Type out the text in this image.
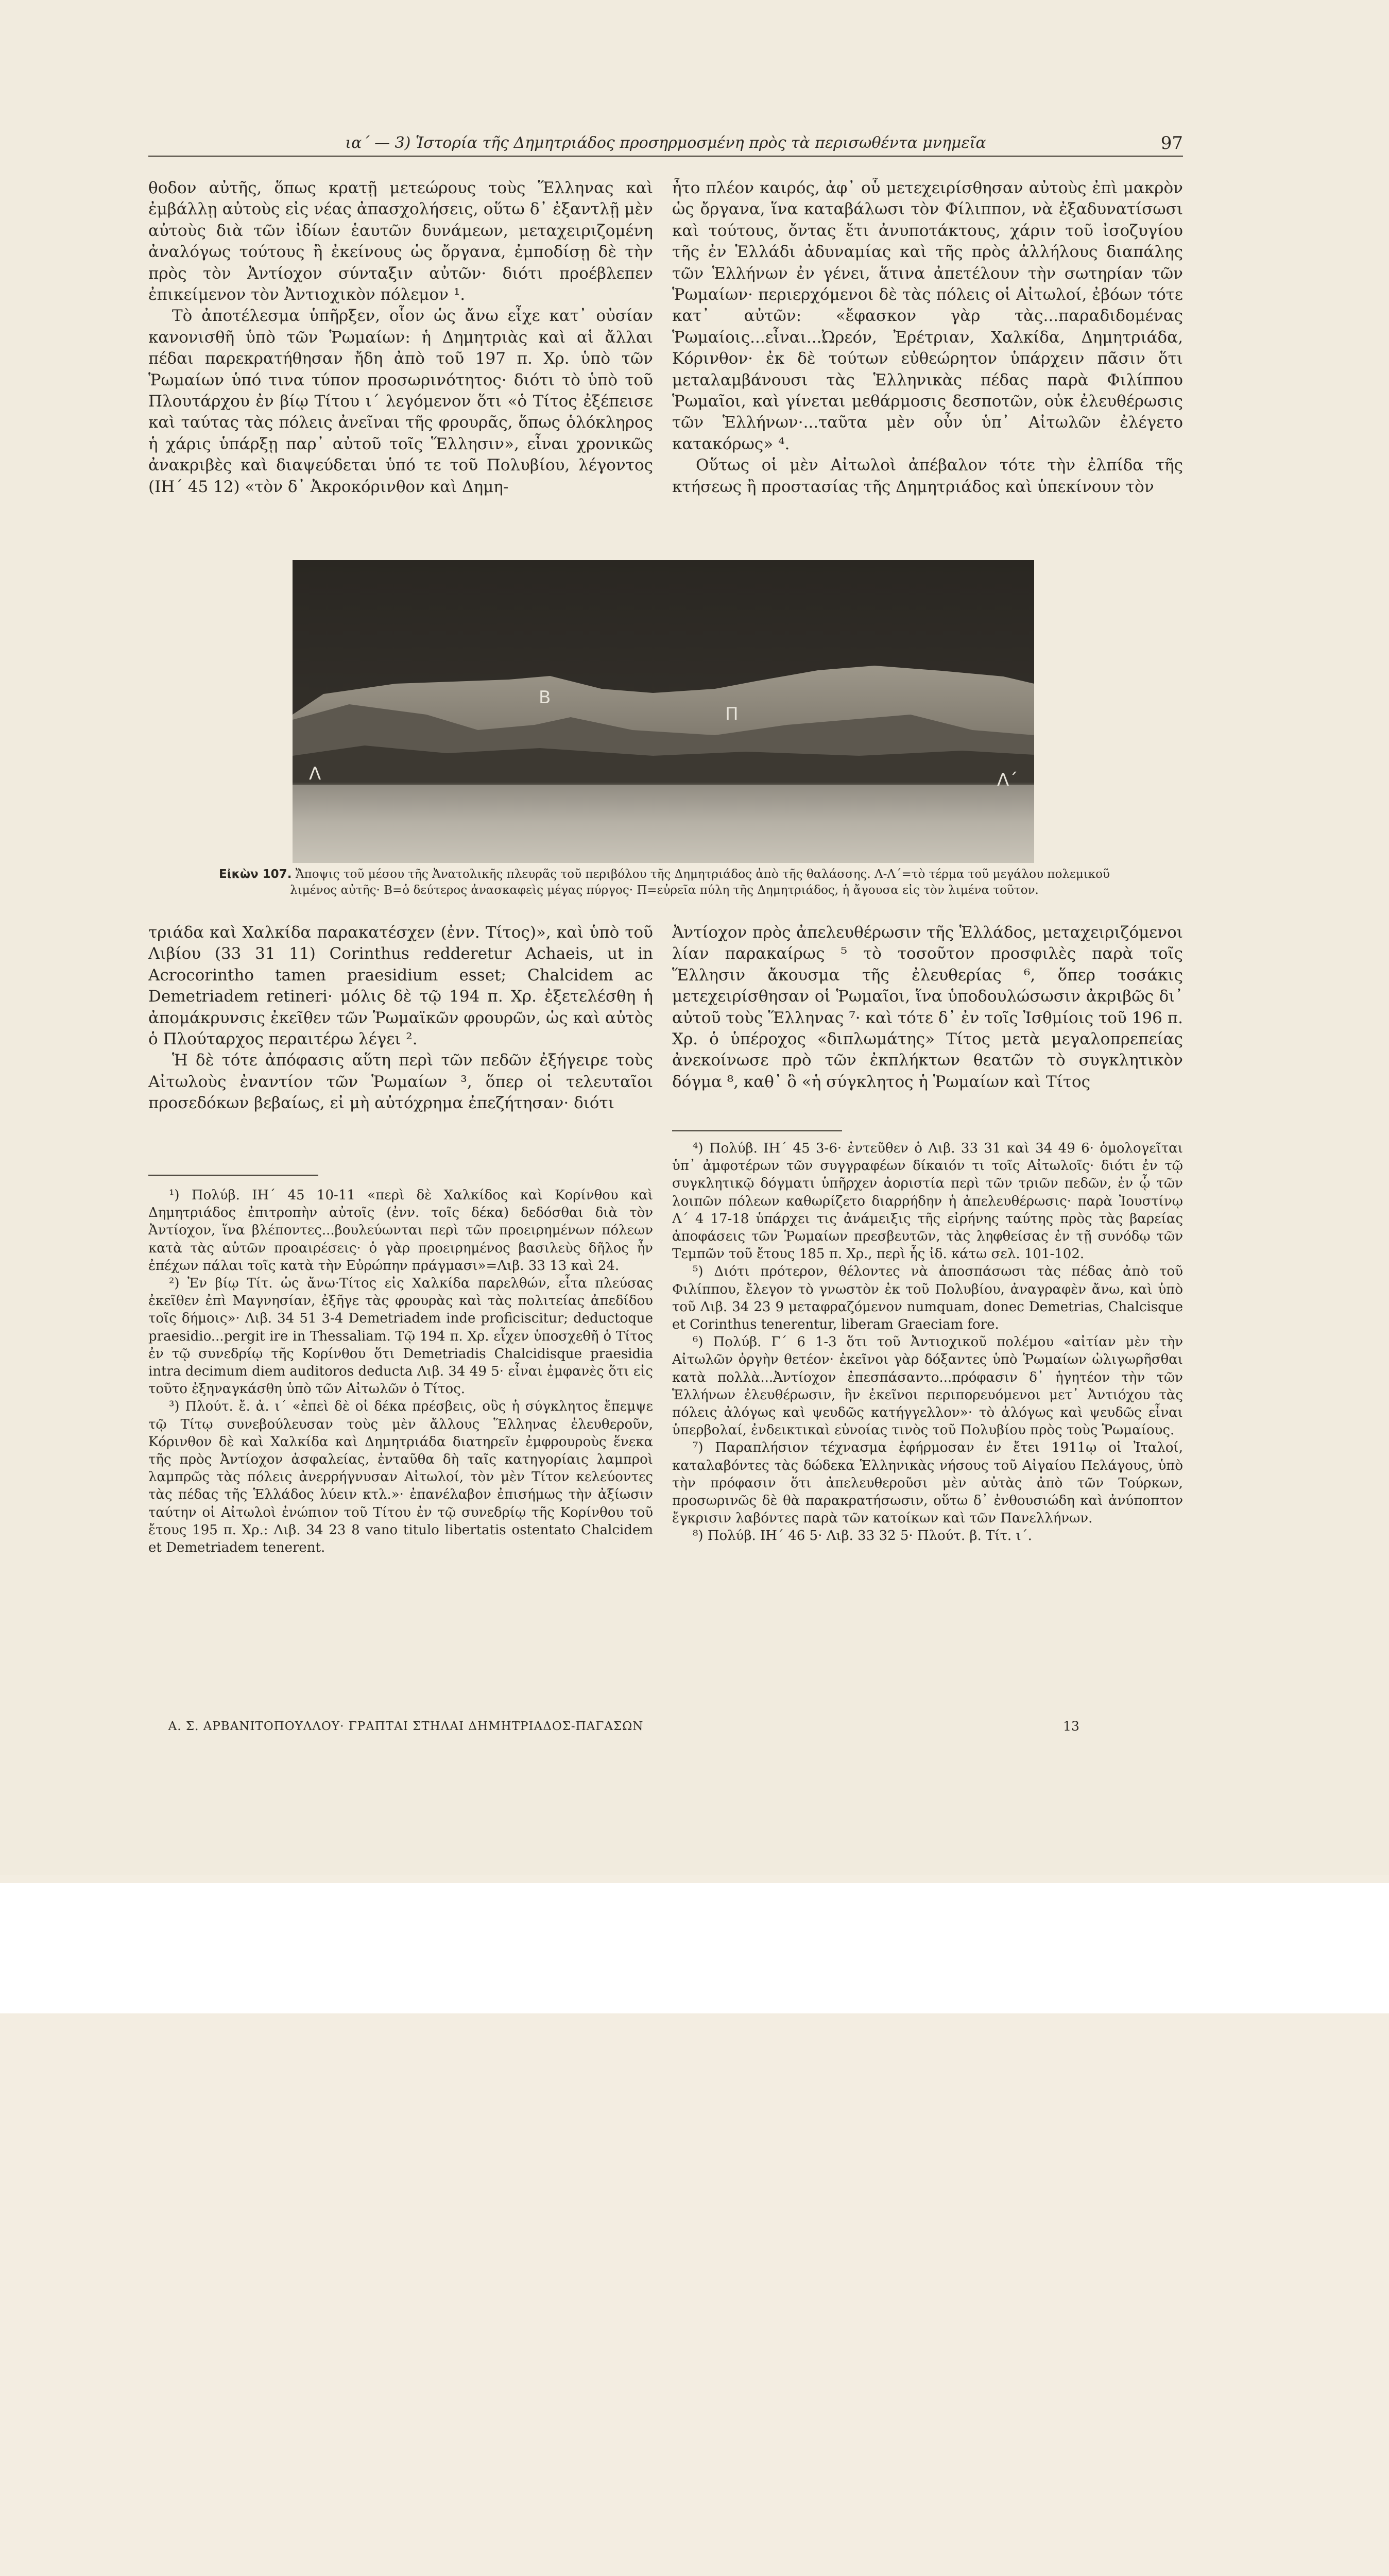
ια΄ — 3) Ἱστορία τῆς Δημητριάδος προσηρμοσμένη πρὸς τὰ περισωθέντα μνημεῖα	97

θοδον αὐτῆς, ὅπως κρατῇ μετεώρους τοὺς Ἕλληνας καὶ ἐμβάλλῃ αὐτοὺς εἰς νέας ἀπασχολήσεις, οὕτω δ᾽ ἐξαντλῇ μὲν αὐτοὺς διὰ τῶν ἰδίων ἑαυτῶν δυνάμεων, μεταχειριζομένη ἀναλόγως τούτους ἢ ἐκείνους ὡς ὄργανα, ἐμποδίσῃ δὲ τὴν πρὸς τὸν Ἀντίοχον σύνταξιν αὐτῶν· διότι προέβλεπεν ἐπικείμενον τὸν Ἀντιοχικὸν πόλεμον ¹.

Τὸ ἀποτέλεσμα ὑπῆρξεν, οἷον ὡς ἄνω εἶχε κατ᾽ οὐσίαν κανονισθῆ ὑπὸ τῶν Ῥωμαίων: ἡ Δημητριὰς καὶ αἱ ἄλλαι πέδαι παρεκρατήθησαν ἤδη ἀπὸ τοῦ 197 π. Χρ. ὑπὸ τῶν Ῥωμαίων ὑπό τινα τύπον προσωρινότητος· διότι τὸ ὑπὸ τοῦ Πλουτάρχου ἐν βίῳ Τίτου ι΄ λεγόμενον ὅτι «ὁ Τίτος ἐξέπεισε καὶ ταύτας τὰς πόλεις ἀνεῖναι τῆς φρουρᾶς, ὅπως ὁλόκληρος ἡ χάρις ὑπάρξῃ παρ᾽ αὐτοῦ τοῖς Ἕλλησιν», εἶναι χρονικῶς ἀνακριβὲς καὶ διαψεύδεται ὑπό τε τοῦ Πολυβίου, λέγοντος (ΙΗ΄ 45 12) «τὸν δ᾽ Ἀκροκόρινθον καὶ Δημη-

ἦτο πλέον καιρός, ἀφ᾽ οὗ μετεχειρίσθησαν αὐτοὺς ἐπὶ μακρὸν ὡς ὄργανα, ἵνα καταβάλωσι τὸν Φίλιππον, νὰ ἐξαδυνατίσωσι καὶ τούτους, ὄντας ἔτι ἀνυποτάκτους, χάριν τοῦ ἰσοζυγίου τῆς ἐν Ἑλλάδι ἀδυναμίας καὶ τῆς πρὸς ἀλλήλους διαπάλης τῶν Ἑλλήνων ἐν γένει, ἅτινα ἀπετέλουν τὴν σωτηρίαν τῶν Ῥωμαίων· περιερχόμενοι δὲ τὰς πόλεις οἱ Αἰτωλοί, ἐβόων τότε κατ᾽ αὐτῶν: «ἔφασκον γὰρ τὰς...παραδιδομένας Ῥωμαίοις...εἶναι...Ὠρεόν, Ἐρέτριαν, Χαλκίδα, Δημητριάδα, Κόρινθον· ἐκ δὲ τούτων εὐθεώρητον ὑπάρχειν πᾶσιν ὅτι μεταλαμβάνουσι τὰς Ἑλληνικὰς πέδας παρὰ Φιλίππου Ῥωμαῖοι, καὶ γίνεται μεθάρμοσις δεσποτῶν, οὐκ ἐλευθέρωσις τῶν Ἑλλήνων·...ταῦτα μὲν οὖν ὑπ᾽ Αἰτωλῶν ἐλέγετο κατακόρως» ⁴.

Οὕτως οἱ μὲν Αἰτωλοὶ ἀπέβαλον τότε τὴν ἐλπίδα τῆς κτήσεως ἢ προστασίας τῆς Δημητριάδος καὶ ὑπεκίνουν τὸν

Β
Π
Λ	Λ΄
Εἰκὼν 107. Ἄποψις τοῦ μέσου τῆς Ἀνατολικῆς πλευρᾶς τοῦ περιβόλου τῆς Δημητριάδος ἀπὸ τῆς θαλάσσης. Λ-Λ΄=τὸ τέρμα τοῦ μεγάλου πολεμικοῦ λιμένος αὐτῆς· Β=ὁ δεύτερος ἀνασκαφεὶς μέγας πύργος· Π=εὐρεῖα πύλη τῆς Δημητριάδος, ἡ ἄγουσα εἰς τὸν λιμένα τοῦτον.

τριάδα καὶ Χαλκίδα παρακατέσχεν (ἐνν. Τίτος)», καὶ ὑπὸ τοῦ Λιβίου (33 31 11) Corinthus redderetur Achaeis, ut in Acrocorintho tamen praesidium esset; Chalcidem ac Demetriadem retineri· μόλις δὲ τῷ 194 π. Χρ. ἐξετελέσθη ἡ ἀπομάκρυνσις ἐκεῖθεν τῶν Ῥωμαϊκῶν φρουρῶν, ὡς καὶ αὐτὸς ὁ Πλούταρχος περαιτέρω λέγει ².

Ἡ δὲ τότε ἀπόφασις αὕτη περὶ τῶν πεδῶν ἐξήγειρε τοὺς Αἰτωλοὺς ἐναντίον τῶν Ῥωμαίων ³, ὅπερ οἱ τελευταῖοι προσεδόκων βεβαίως, εἰ μὴ αὐτόχρημα ἐπεζήτησαν· διότι

Ἀντίοχον πρὸς ἀπελευθέρωσιν τῆς Ἑλλάδος, μεταχειριζόμενοι λίαν παρακαίρως ⁵ τὸ τοσοῦτον προσφιλὲς παρὰ τοῖς Ἕλλησιν ἄκουσμα τῆς ἐλευθερίας ⁶, ὅπερ τοσάκις μετεχειρίσθησαν οἱ Ῥωμαῖοι, ἵνα ὑποδουλώσωσιν ἀκριβῶς δι᾽ αὐτοῦ τοὺς Ἕλληνας ⁷· καὶ τότε δ᾽ ἐν τοῖς Ἰσθμίοις τοῦ 196 π. Χρ. ὁ ὑπέροχος «διπλωμάτης» Τίτος μετὰ μεγαλοπρεπείας ἀνεκοίνωσε πρὸ τῶν ἐκπλήκτων θεατῶν τὸ συγκλητικὸν δόγμα ⁸, καθ᾽ ὃ «ἡ σύγκλητος ἡ Ῥωμαίων καὶ Τίτος

¹) Πολύβ. ΙΗ΄ 45 10-11 «περὶ δὲ Χαλκίδος καὶ Κορίνθου καὶ Δημητριάδος ἐπιτροπὴν αὐτοῖς (ἐνν. τοῖς δέκα) δεδόσθαι διὰ τὸν Ἀντίοχον, ἵνα βλέποντες...βουλεύωνται περὶ τῶν προειρημένων πόλεων κατὰ τὰς αὑτῶν προαιρέσεις· ὁ γὰρ προειρημένος βασιλεὺς δῆλος ἦν ἐπέχων πάλαι τοῖς κατὰ τὴν Εὐρώπην πράγμασι»=Λιβ. 33 13 καὶ 24.

²) Ἐν βίῳ Τίτ. ὡς ἄνω·Τίτος εἰς Χαλκίδα παρελθών, εἶτα πλεύσας ἐκεῖθεν ἐπὶ Μαγνησίαν, ἐξῆγε τὰς φρουρὰς καὶ τὰς πολιτείας ἀπεδίδου τοῖς δήμοις»· Λιβ. 34 51 3-4 Demetriadem inde proficiscitur; deductoque praesidio...pergit ire in Thessaliam. Τῷ 194 π. Χρ. εἶχεν ὑποσχεθῆ ὁ Τίτος ἐν τῷ συνεδρίῳ τῆς Κορίνθου ὅτι Demetriadis Chalcidisque praesidia intra decimum diem auditoros deducta Λιβ. 34 49 5· εἶναι ἐμφανὲς ὅτι εἰς τοῦτο ἐξηναγκάσθη ὑπὸ τῶν Αἰτωλῶν ὁ Τίτος.

³) Πλούτ. ἔ. ἀ. ι΄ «ἐπεὶ δὲ οἱ δέκα πρέσβεις, οὓς ἡ σύγκλητος ἔπεμψε τῷ Τίτῳ συνεβούλευσαν τοὺς μὲν ἄλλους Ἕλληνας ἐλευθεροῦν, Κόρινθον δὲ καὶ Χαλκίδα καὶ Δημητριάδα διατηρεῖν ἐμφρουροὺς ἕνεκα τῆς πρὸς Ἀντίοχον ἀσφαλείας, ἐνταῦθα δὴ ταῖς κατηγορίαις λαμπροὶ λαμπρῶς τὰς πόλεις ἀνερρήγνυσαν Αἰτωλοί, τὸν μὲν Τίτον κελεύοντες τὰς πέδας τῆς Ἑλλάδος λύειν κτλ.»· ἐπανέλαβον ἐπισήμως τὴν ἀξίωσιν ταύτην οἱ Αἰτωλοὶ ἐνώπιον τοῦ Τίτου ἐν τῷ συνεδρίῳ τῆς Κορίνθου τοῦ ἔτους 195 π. Χρ.: Λιβ. 34 23 8 vano titulo libertatis ostentato Chalcidem et Demetriadem tenerent.

⁴) Πολύβ. ΙΗ΄ 45 3-6· ἐντεῦθεν ὁ Λιβ. 33 31 καὶ 34 49 6· ὁμολογεῖται ὑπ᾽ ἀμφοτέρων τῶν συγγραφέων δίκαιόν τι τοῖς Αἰτωλοῖς· διότι ἐν τῷ συγκλητικῷ δόγματι ὑπῆρχεν ἀοριστία περὶ τῶν τριῶν πεδῶν, ἐν ᾧ τῶν λοιπῶν πόλεων καθωρίζετο διαρρήδην ἡ ἀπελευθέρωσις· παρὰ Ἰουστίνῳ Λ΄ 4 17-18 ὑπάρχει τις ἀνάμειξις τῆς εἰρήνης ταύτης πρὸς τὰς βαρείας ἀποφάσεις τῶν Ῥωμαίων πρεσβευτῶν, τὰς ληφθείσας ἐν τῇ συνόδῳ τῶν Τεμπῶν τοῦ ἔτους 185 π. Χρ., περὶ ἧς ἰδ. κάτω σελ. 101-102.

⁵) Διότι πρότερον, θέλοντες νὰ ἀποσπάσωσι τὰς πέδας ἀπὸ τοῦ Φιλίππου, ἔλεγον τὸ γνωστὸν ἐκ τοῦ Πολυβίου, ἀναγραφὲν ἄνω, καὶ ὑπὸ τοῦ Λιβ. 34 23 9 μεταφραζόμενον numquam, donec Demetrias, Chalcisque et Corinthus tenerentur, liberam Graeciam fore.

⁶) Πολύβ. Γ΄ 6 1-3 ὅτι τοῦ Ἀντιοχικοῦ πολέμου «αἰτίαν μὲν τὴν Αἰτωλῶν ὀργὴν θετέον· ἐκεῖνοι γὰρ δόξαντες ὑπὸ Ῥωμαίων ὠλιγωρῆσθαι κατὰ πολλὰ...Ἀντίοχον ἐπεσπάσαντο...πρόφασιν δ᾽ ἡγητέον τὴν τῶν Ἑλλήνων ἐλευθέρωσιν, ἣν ἐκεῖνοι περιπορευόμενοι μετ᾽ Ἀντιόχου τὰς πόλεις ἀλόγως καὶ ψευδῶς κατήγγελλον»· τὸ ἀλόγως καὶ ψευδῶς εἶναι ὑπερβολαί, ἐνδεικτικαὶ εὐνοίας τινὸς τοῦ Πολυβίου πρὸς τοὺς Ῥωμαίους.

⁷) Παραπλήσιον τέχνασμα ἐφήρμοσαν ἐν ἔτει 1911ῳ οἱ Ἰταλοί, καταλαβόντες τὰς δώδεκα Ἑλληνικὰς νήσους τοῦ Αἰγαίου Πελάγους, ὑπὸ τὴν πρόφασιν ὅτι ἀπελευθεροῦσι μὲν αὐτὰς ἀπὸ τῶν Τούρκων, προσωρινῶς δὲ θὰ παρακρατήσωσιν, οὕτω δ᾽ ἐνθουσιώδη καὶ ἀνύποπτον ἔγκρισιν λαβόντες παρὰ τῶν κατοίκων καὶ τῶν Πανελλήνων.

⁸) Πολύβ. ΙΗ΄ 46 5· Λιβ. 33 32 5· Πλούτ. β. Τίτ. ι΄.

Α. Σ. ΑΡΒΑΝΙΤΟΠΟΥΛΛΟΥ· ΓΡΑΠΤΑΙ ΣΤΗΛΑΙ ΔΗΜΗΤΡΙΑΔΟΣ-ΠΑΓΑΣΩΝ	13
